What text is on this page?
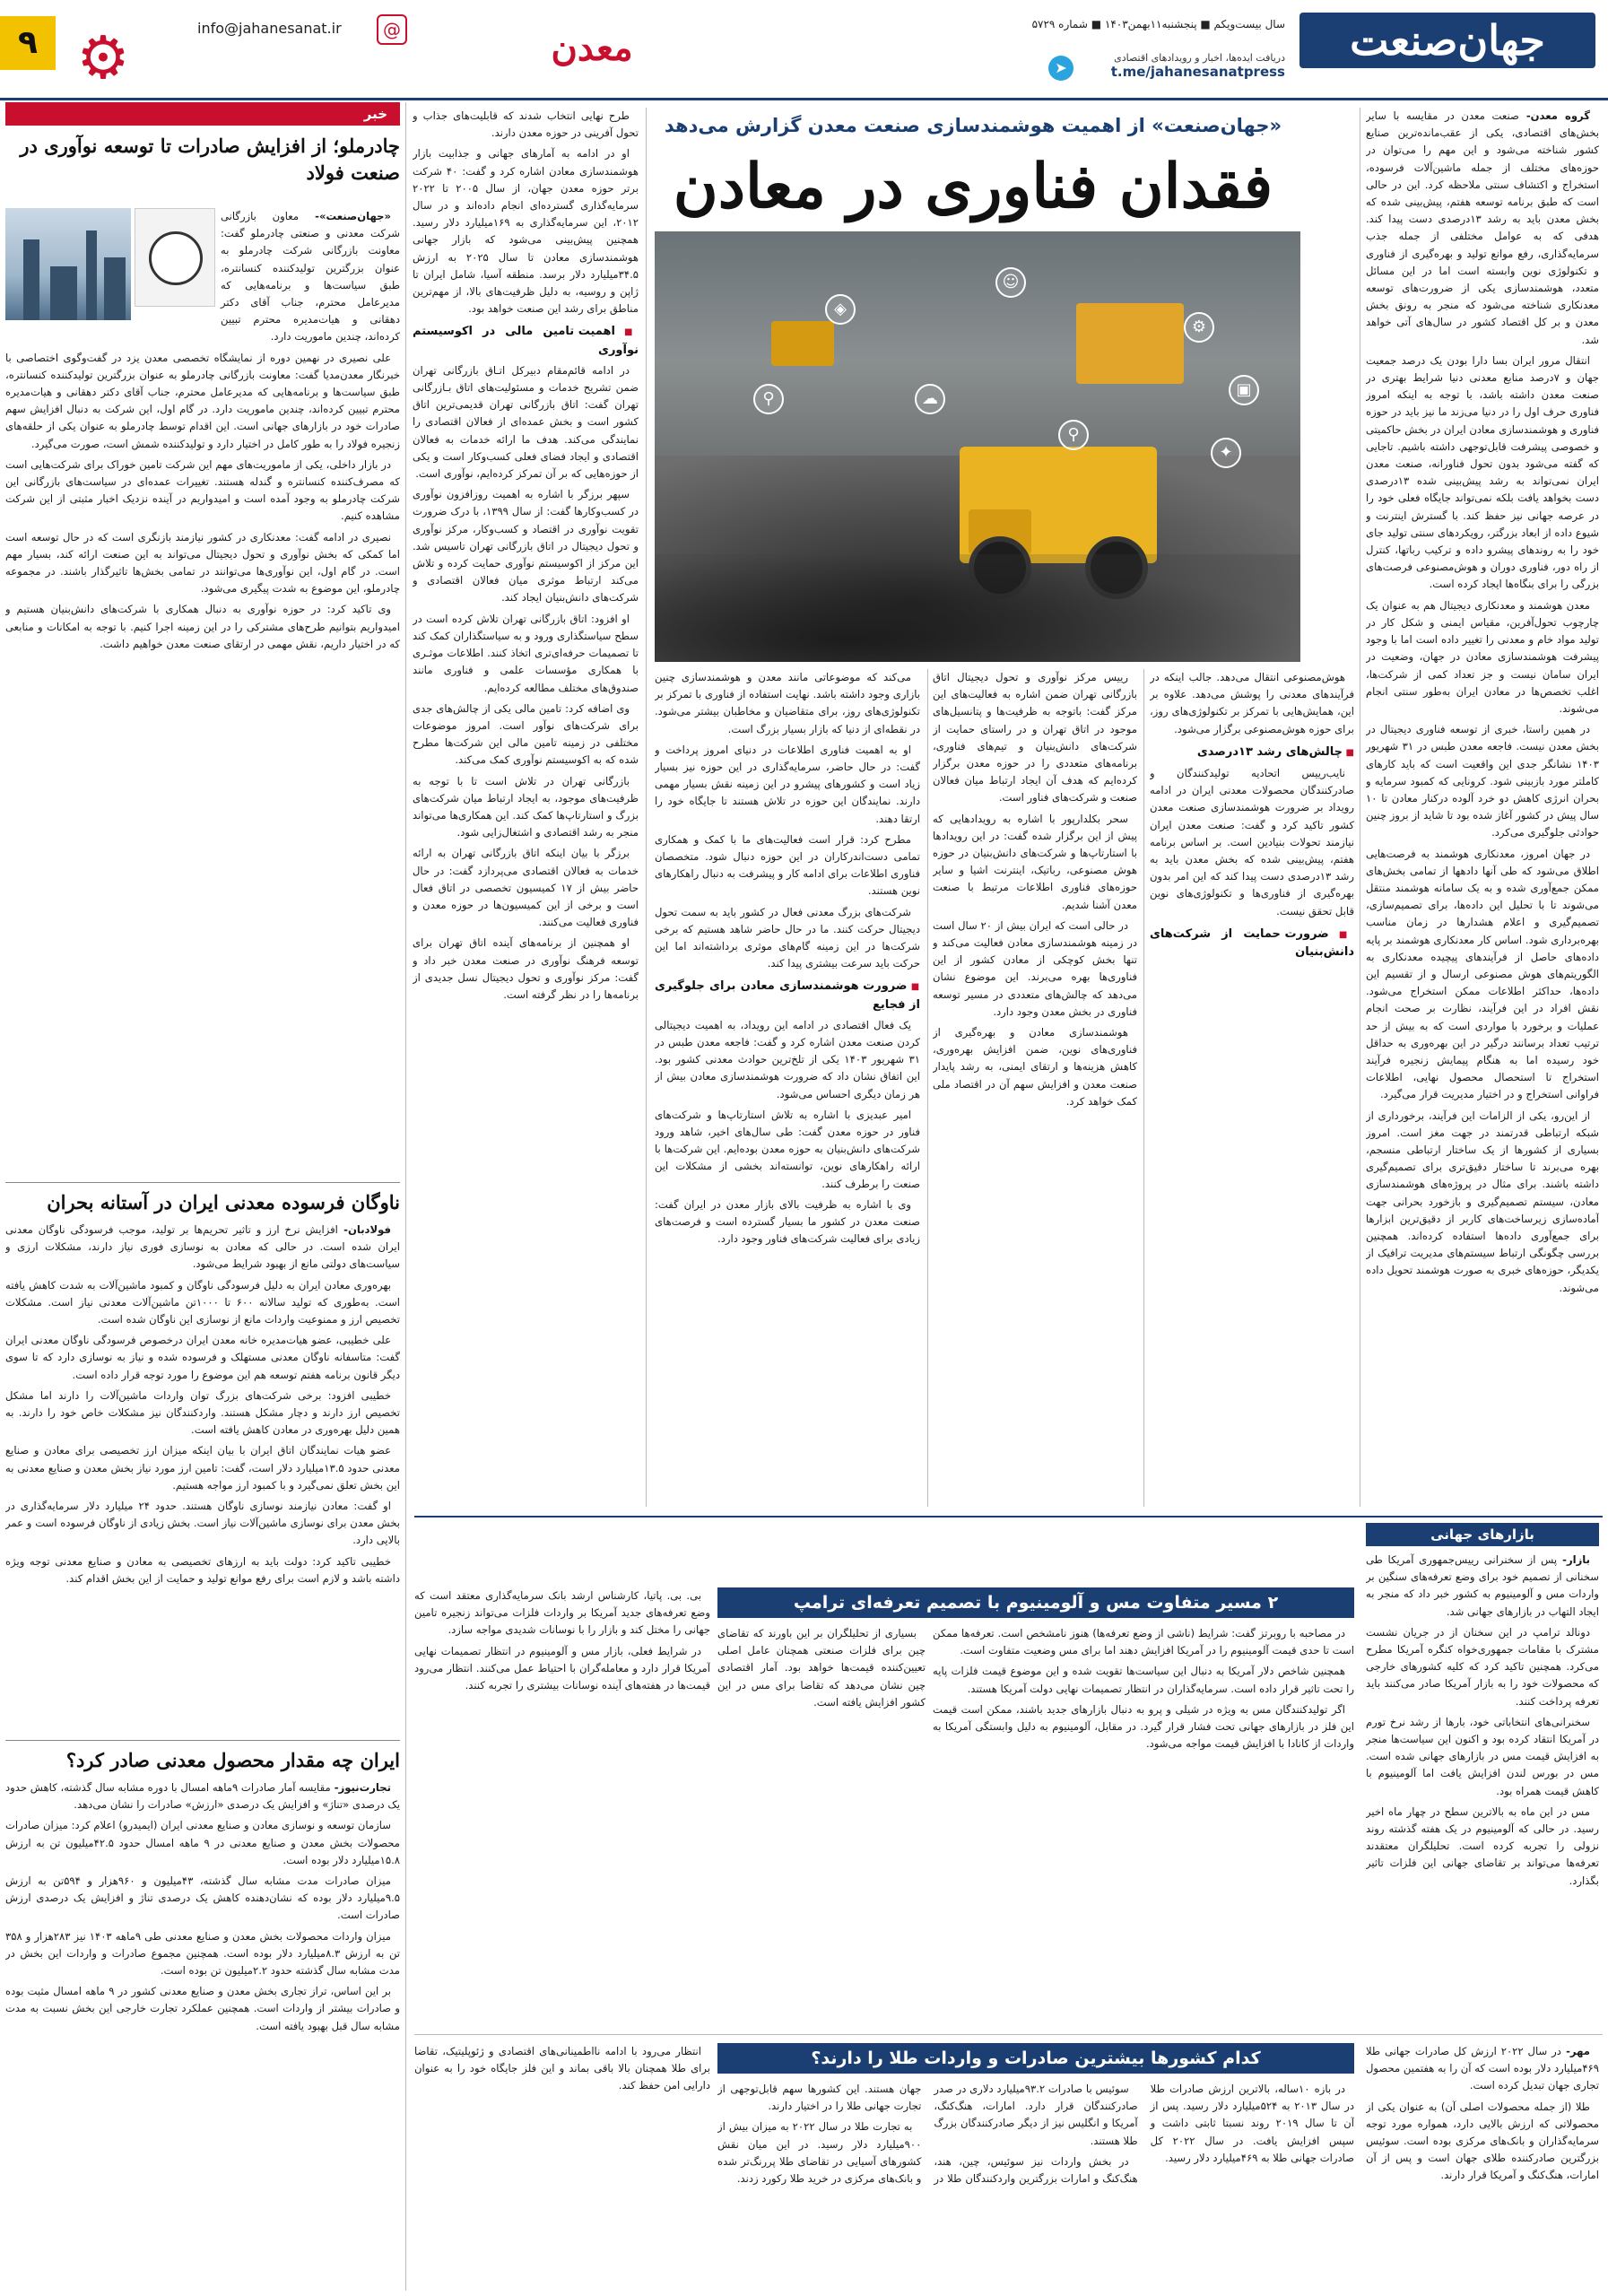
جهان‌صنعت
سال بیست‌ویکم ■ پنجشنبه۱۱بهمن۱۴۰۳ ■ شماره ۵۷۲۹
دریافت ایده‌ها، اخبار و رویدادهای اقتصادی
t.me/jahanesanatpress
➤
معدن
@
info@jahanesanat.ir
⚙
۹
«جهان‌صنعت» از اهمیت هوشمندسازی صنعت معدن گزارش می‌دهد
فقدان فناوری در معادن
⚙
▣
✦
☺
◈
☁
⚲
⚲

گروه معدن- صنعت معدن در مقایسه با سایر بخش‌های اقتصادی، یکی از عقب‌مانده‌ترین صنایع کشور شناخته می‌شود و این مهم را می‌توان در حوزه‌های مختلف از جمله ماشین‌آلات فرسوده، استخراج و اکتشاف سنتی ملاحظه کرد. این در حالی است که طبق برنامه توسعه هفتم، پیش‌بینی شده که بخش معدن باید به رشد ۱۳درصدی دست پیدا کند. هدفی که به عوامل مختلفی از جمله جذب سرمایه‌گذاری، رفع موانع تولید و بهره‌گیری از فناوری و تکنولوژی نوین وابسته است اما در این مسائل متعدد، هوشمندسازی یکی از ضرورت‌های توسعه معدنکاری شناخته می‌شود که منجر به رونق بخش معدن و بر کل اقتصاد کشور در سال‌های آتی خواهد شد.

انتقال مرور ایران بسا دارا بودن یک درصد جمعیت جهان و ۷درصد منابع معدنی دنیا شرایط بهتری در صنعت معدن داشته باشد، با توجه به اینکه امروز فناوری حرف اول را در دنیا می‌زند ما نیز باید در حوزه فناوری و هوشمندسازی معادن ایران در بخش حاکمیتی و خصوصی پیشرفت قابل‌توجهی داشته باشیم. تاجایی که گفته می‌شود بدون تحول فناورانه، صنعت معدن ایران نمی‌تواند به رشد پیش‌بینی شده ۱۳درصدی دست بخواهد یافت بلکه نمی‌تواند جایگاه فعلی خود را در عرصه جهانی نیز حفظ کند. با گسترش اینترنت و شیوع داده از ابعاد بزرگتر، رویکردهای سنتی تولید جای خود را به روندهای پیشرو داده و ترکیب رباتها، کنترل از راه دور، فناوری دوران و هوش‌مصنوعی فرصت‌های بزرگی را برای بنگاه‌ها ایجاد کرده است.

معدن هوشمند و معدنکاری دیجیتال هم به عنوان یک چارچوب تحول‌آفرین، مقیاس ایمنی و شکل کار در تولید مواد خام و معدنی را تغییر داده است اما با وجود پیشرفت هوشمندسازی معادن در جهان، وضعیت در ایران سامان نیست و جز تعداد کمی از شرکت‌ها، اغلب تخصص‌ها در معادن ایران به‌طور سنتی انجام می‌شوند.

در همین راستا، خبری از توسعه فناوری دیجیتال در بخش معدن نیست. فاجعه معدن طبس در ۳۱ شهریور ۱۴۰۳ نشانگر جدی این واقعیت است که باید کارهای کاملتر مورد بازبینی شود. کرونایی که کمبود سرمایه و بحران انرژی کاهش دو خرد آلوده درکنار معادن تا ۱۰ سال پیش در کشور آغاز شده بود تا شاید از بروز چنین حوادثی جلوگیری می‌کرد.

در جهان امروز، معدنکاری هوشمند به فرصت‌هایی اطلاق می‌شود که طی آنها دادهها از تمامی بخش‌های ممکن جمع‌آوری شده و به یک سامانه هوشمند منتقل می‌شوند تا با تحلیل این داده‌ها، برای تصمیم‌سازی، تصمیم‌گیری و اعلام هشدارها در زمان مناسب بهره‌برداری شود. اساس کار معدنکاری هوشمند بر پایه داده‌های حاصل از فرآیندهای پیچیده معدنکاری به الگوریتم‌های هوش مصنوعی ارسال و از تقسیم این داده‌ها، حداکثر اطلاعات ممکن استخراج می‌شود. نقش افراد در این فرآیند، نظارت بر صحت انجام عملیات و برخورد با مواردی است که به بیش از حد ترتیب تعداد برسانند درگیر در این بهره‌وری به حداقل خود رسیده اما به هنگام پیمایش زنجیره فرآیند استخراج تا استحصال محصول نهایی، اطلاعات فراوانی استخراج و در اختیار مدیریت قرار می‌گیرد.

از این‌رو، یکی از الزامات این فرآیند، برخورداری از شبکه ارتباطی قدرتمند در جهت مغز است. امروز بسیاری از کشورها از یک ساختار ارتباطی منسجم، بهره می‌برند تا ساختار دقیق‌تری برای تصمیم‌گیری داشته باشند. برای مثال در پروژه‌های هوشمندسازی معادن، سیستم تصمیم‌گیری و بازخورد بحرانی جهت آماده‌سازی زیرساخت‌های کاربر از دقیق‌ترین ابزارها برای جمع‌آوری داده‌ها استفاده کرده‌اند. همچنین بررسی چگونگی ارتباط سیستم‌های مدیریت ترافیک از یکدیگر، حوزه‌های خبری به صورت هوشمند تحویل داده می‌شوند.

هوش‌مصنوعی انتقال می‌دهد. جالب اینکه در فرآیندهای معدنی را پوشش می‌دهد. علاوه بر این، همایش‌هایی با تمرکز بر تکنولوژی‌های روز، برای حوزه هوش‌مصنوعی برگزار می‌شود.

■ چالش‌های رشد ۱۳درصدی

نایب‌رییس اتحادیه تولیدکنندگان و صادرکنندگان محصولات معدنی ایران در ادامه رویداد بر ضرورت هوشمندسازی صنعت معدن کشور تاکید کرد و گفت: صنعت معدن ایران نیازمند تحولات بنیادین است. بر اساس برنامه هفتم، پیش‌بینی شده که بخش معدن باید به رشد ۱۳درصدی دست پیدا کند که این امر بدون بهره‌گیری از فناوری‌ها و تکنولوژی‌های نوین قابل تحقق نیست.

■ ضرورت حمایت از شرکت‌های دانش‌بنیان

رییس مرکز نوآوری و تحول دیجیتال اتاق بازرگانی تهران ضمن اشاره به فعالیت‌های این مرکز گفت: باتوجه به ظرفیت‌ها و پتانسیل‌های موجود در اتاق تهران و در راستای حمایت از شرکت‌های دانش‌بنیان و تیم‌های فناوری، برنامه‌های متعددی را در حوزه معدن برگزار کرده‌ایم که هدف آن ایجاد ارتباط میان فعالان صنعت و شرکت‌های فناور است.

سحر بکلدارپور با اشاره به رویدادهایی که پیش از این برگزار شده گفت: در این رویدادها با استارتاپ‌ها و شرکت‌های دانش‌بنیان در حوزه هوش مصنوعی، رباتیک، اینترنت اشیا و سایر حوزه‌های فناوری اطلاعات مرتبط با صنعت معدن آشنا شدیم.

در حالی است که ایران بیش از ۲۰ سال است در زمینه هوشمندسازی معادن فعالیت می‌کند و تنها بخش کوچکی از معادن کشور از این فناوری‌ها بهره می‌برند. این موضوع نشان می‌دهد که چالش‌های متعددی در مسیر توسعه فناوری در بخش معدن وجود دارد.

هوشمندسازی معادن و بهره‌گیری از فناوری‌های نوین، ضمن افزایش بهره‌وری، کاهش هزینه‌ها و ارتقای ایمنی، به رشد پایدار صنعت معدن و افزایش سهم آن در اقتصاد ملی کمک خواهد کرد.

می‌کند که موضوعاتی مانند معدن و هوشمندسازی چنین بازاری وجود داشته باشد. نهایت استفاده از فناوری با تمرکز بر تکنولوژی‌های روز، برای متقاضیان و مخاطبان بیشتر می‌شود. در نقطه‌ای از دنیا که بازار بسیار بزرگ است.

او به اهمیت فناوری اطلاعات در دنیای امروز پرداخت و گفت: در حال حاضر، سرمایه‌گذاری در این حوزه نیز بسیار زیاد است و کشورهای پیشرو در این زمینه نقش بسیار مهمی دارند. نمایندگان این حوزه در تلاش هستند تا جایگاه خود را ارتقا دهند.

مطرح کرد: قرار است فعالیت‌های ما با کمک و همکاری تمامی دست‌اندرکاران در این حوزه دنبال شود. متخصصان فناوری اطلاعات برای ادامه کار و پیشرفت به دنبال راهکارهای نوین هستند.

شرکت‌های بزرگ معدنی فعال در کشور باید به سمت تحول دیجیتال حرکت کنند. ما در حال حاضر شاهد هستیم که برخی شرکت‌ها در این زمینه گام‌های موثری برداشته‌اند اما این حرکت باید سرعت بیشتری پیدا کند.

■ ضرورت هوشمندسازی معادن برای جلوگیری از فجایع

یک فعال اقتصادی در ادامه این رویداد، به اهمیت دیجیتالی کردن صنعت معدن اشاره کرد و گفت: فاجعه معدن طبس در ۳۱ شهریور ۱۴۰۳ یکی از تلخ‌ترین حوادث معدنی کشور بود. این اتفاق نشان داد که ضرورت هوشمندسازی معادن بیش از هر زمان دیگری احساس می‌شود.

امیر عبدیزی با اشاره به تلاش استارتاپ‌ها و شرکت‌های فناور در حوزه معدن گفت: طی سال‌های اخیر، شاهد ورود شرکت‌های دانش‌بنیان به حوزه معدن بوده‌ایم. این شرکت‌ها با ارائه راهکارهای نوین، توانسته‌اند بخشی از مشکلات این صنعت را برطرف کنند.

وی با اشاره به ظرفیت بالای بازار معدن در ایران گفت: صنعت معدن در کشور ما بسیار گسترده است و فرصت‌های زیادی برای فعالیت شرکت‌های فناور وجود دارد.

طرح نهایی انتخاب شدند که قابلیت‌های جذاب و تحول آفرینی در حوزه معدن دارند.

او در ادامه به آمارهای جهانی و جذابیت بازار هوشمندسازی معادن اشاره کرد و گفت: ۴۰ شرکت برتر حوزه معدن جهان، از سال ۲۰۰۵ تا ۲۰۲۲ سرمایه‌گذاری گسترده‌ای انجام داده‌اند و در سال ۲۰۱۲، این سرمایه‌گذاری به ۱۶۹میلیارد دلار رسید. همچنین پیش‌بینی می‌شود که بازار جهانی هوشمندسازی معادن تا سال ۲۰۲۵ به ارزش ۳۴.۵میلیارد دلار برسد. منطقه آسیا، شامل ایران تا ژاپن و روسیه، به دلیل ظرفیت‌های بالا، از مهم‌ترین مناطق برای رشد این صنعت خواهد بود.

■ اهمیت تامین مالی در اکوسیستم نوآوری

در ادامه قائم‌مقام دبیرکل اتـاق بازرگانی تهران ضمن تشریح خدمات و مسئولیت‌های اتاق بـازرگانی تهران گفت: اتاق بازرگانی تهران قدیمی‌ترین اتاق کشور است و بخش عمده‌ای از فعالان اقتصادی را نمایندگی می‌کند. هدف ما ارائه خدمات به فعالان اقتصادی و ایجاد فضای فعلی کسب‌وکار است و یکی از حوزه‌هایی که بر آن تمرکز کرده‌ایم، نوآوری است.

سپهر برزگر با اشاره به اهمیت روزافزون نوآوری در کسب‌وکارها گفت: از سال ۱۳۹۹، با درک ضرورت تقویت نوآوری در اقتصاد و کسب‌وکار، مرکز نوآوری و تحول دیجیتال در اتاق بازرگانی تهران تاسیس شد. این مرکز از اکوسیستم نوآوری حمایت کرده و تلاش می‌کند ارتباط موثری میان فعالان اقتصادی و شرکت‌های دانش‌بنیان ایجاد کند.

او افزود: اتاق بازرگانی تهران تلاش کرده است در سطح سیاستگذاری ورود و به سیاستگذاران کمک کند تا تصمیمات حرفه‌ای‌تری اتخاذ کنند. اطلاعات موثـری با همکاری مؤسسات علمی و فناوری مانند صندوق‌های مختلف مطالعه کرده‌ایم.

وی اضافه کرد: تامین مالی یکی از چالش‌های جدی برای شرکت‌های نوآور است. امروز موضوعات مختلفی در زمینه تامین مالی این شرکت‌ها مطرح شده که به اکوسیستم نوآوری کمک می‌کند.

بازرگانی تهران در تلاش است تا با توجه به ظرفیت‌های موجود، به ایجاد ارتباط میان شرکت‌های بزرگ و استارتاپ‌ها کمک کند. این همکاری‌ها می‌تواند منجر به رشد اقتصادی و اشتغال‌زایی شود.

برزگر با بیان اینکه اتاق بازرگانی تهران به ارائه خدمات به فعالان اقتصادی می‌پردازد گفت: در حال حاضر بیش از ۱۷ کمیسیون تخصصی در اتاق فعال است و برخی از این کمیسیون‌ها در حوزه معدن و فناوری فعالیت می‌کنند.

او همچنین از برنامه‌های آینده اتاق تهران برای توسعه فرهنگ نوآوری در صنعت معدن خبر داد و گفت: مرکز نوآوری و تحول دیجیتال نسل جدیدی از برنامه‌ها را در نظر گرفته است.

خبر
چادرملو؛ از افزایش صادرات تا توسعه نوآوری در صنعت فولاد

«جهان‌صنعت»- معاون بازرگانی شرکت معدنی و صنعتی چادرملو گفت: معاونت بازرگانی شرکت چادرملو به عنوان بزرگترین تولیدکننده کنسانتره، طبق سیاست‌ها و برنامه‌هایی که مدیرعامل محترم، جناب آقای دکتر دهقانی و هیات‌مدیره محترم تبیین کرده‌اند، چندین ماموریت دارد.

علی نصیری در نهمین دوره از نمایشگاه تخصصی معدن یزد در گفت‌وگوی اختصاصی با خبرنگار معدن‌مدیا گفت: معاونت بازرگانی چادرملو به عنوان بزرگترین تولیدکننده کنسانتره، طبق سیاست‌ها و برنامه‌هایی که مدیرعامل محترم، جناب آقای دکتر دهقانی و هیات‌مدیره محترم تبیین کرده‌اند، چندین ماموریت دارد. در گام اول، این شرکت به دنبال افزایش سهم صادرات خود در بازارهای جهانی است. این اقدام توسط چادرملو به عنوان یکی از حلقه‌های زنجیره فولاد را به طور کامل در اختیار دارد و تولیدکننده شمش است، صورت می‌گیرد.

در بازار داخلی، یکی از ماموریت‌های مهم این شرکت تامین خوراک برای شرکت‌هایی است که مصرف‌کننده کنسانتره و گندله هستند. تغییرات عمده‌ای در سیاست‌های بازرگانی این شرکت چادرملو به وجود آمده است و امیدواریم در آینده نزدیک اخبار مثبتی از این شرکت مشاهده کنیم.

نصیری در ادامه گفت: معدنکاری در کشور نیازمند بازنگری است که در حال توسعه است اما کمکی که بخش نوآوری و تحول دیجیتال می‌تواند به این صنعت ارائه کند، بسیار مهم است. در گام اول، این نوآوری‌ها می‌توانند در تمامی بخش‌ها تاثیرگذار باشند. در مجموعه چادرملو، این موضوع به شدت پیگیری می‌شود.

وی تاکید کرد: در حوزه نوآوری به دنبال همکاری با شرکت‌های دانش‌بنیان هستیم و امیدواریم بتوانیم طرح‌های مشترکی را در این زمینه اجرا کنیم. با توجه به امکانات و منابعی که در اختیار داریم، نقش مهمی در ارتقای صنعت معدن خواهیم داشت.

ناوگان فرسوده معدنی ایران در آستانه بحران

فولادبان- افزایش نرخ ارز و تاثیر تحریم‌ها بر تولید، موجب فرسودگی ناوگان معدنی ایران شده است. در حالی که معادن به نوسازی فوری نیاز دارند، مشکلات ارزی و سیاست‌های دولتی مانع از بهبود شرایط می‌شود.

بهره‌وری معادن ایران به دلیل فرسودگی ناوگان و کمبود ماشین‌آلات به شدت کاهش یافته است. به‌طوری که تولید سالانه ۶۰۰ تا ۱۰۰۰تن ماشین‌آلات معدنی نیاز است. مشکلات تخصیص ارز و ممنوعیت واردات مانع از نوسازی این ناوگان شده است.

علی خطیبی، عضو هیات‌مدیره خانه معدن ایران درخصوص فرسودگی ناوگان معدنی ایران گفت: متاسفانه ناوگان معدنی مستهلک و فرسوده شده و نیاز به نوسازی دارد که تا سوی دیگر قانون برنامه هفتم توسعه هم این موضوع را مورد توجه قرار داده است.

خطیبی افزود: برخی شرکت‌های بزرگ توان واردات ماشین‌آلات را دارند اما مشکل تخصیص ارز دارند و دچار مشکل هستند. واردکنندگان نیز مشکلات خاص خود را دارند. به همین دلیل بهره‌وری در معادن کاهش یافته است.

عضو هیات نمایندگان اتاق ایران با بیان اینکه میزان ارز تخصیصی برای معادن و صنایع معدنی حدود ۱۳.۵میلیارد دلار است، گفت: تامین ارز مورد نیاز بخش معدن و صنایع معدنی به این بخش تعلق نمی‌گیرد و با کمبود ارز مواجه هستیم.

او گفت: معادن نیازمند نوسازی ناوگان هستند. حدود ۲۴ میلیارد دلار سرمایه‌گذاری در بخش معدن برای نوسازی ماشین‌آلات نیاز است. بخش زیادی از ناوگان فرسوده است و عمر بالایی دارد.

خطیبی تاکید کرد: دولت باید به ارزهای تخصیصی به معادن و صنایع معدنی توجه ویژه داشته باشد و لازم است برای رفع موانع تولید و حمایت از این بخش اقدام کند.

ایران چه مقدار محصول معدنی صادر کرد؟

تجارت‌نیوز- مقایسه آمار صادرات ۹ماهه امسال با دوره مشابه سال گذشته، کاهش حدود یک درصدی «تناژ» و افزایش یک درصدی «ارزش» صادرات را نشان می‌دهد.

سازمان توسعه و نوسازی معادن و صنایع معدنی ایران (ایمیدرو) اعلام کرد: میزان صادرات محصولات بخش معدن و صنایع معدنی در ۹ ماهه امسال حدود ۴۲.۵میلیون تن به ارزش ۱۵.۸میلیارد دلار بوده است.

میزان صادرات مدت مشابه سال گذشته، ۴۳میلیون و ۹۶۰هزار و ۵۹۴تن به ارزش ۹.۵میلیارد دلار بوده که نشان‌دهنده کاهش یک درصدی تناژ و افزایش یک درصدی ارزش صادرات است.

میزان واردات محصولات بخش معدن و صنایع معدنی طی ۹ماهه ۱۴۰۳ نیز ۲۸۳هزار و ۳۵۸ تن به ارزش ۸.۳میلیارد دلار بوده است. همچنین مجموع صادرات و واردات این بخش در مدت مشابه سال گذشته حدود ۲.۲میلیون تن بوده است.

بر این اساس، تراز تجاری بخش معدن و صنایع معدنی کشور در ۹ ماهه امسال مثبت بوده و صادرات بیشتر از واردات است. همچنین عملکرد تجارت خارجی این بخش نسبت به مدت مشابه سال قبل بهبود یافته است.

بازارهای جهانی
۲ مسیر متفاوت مس و آلومینیوم با تصمیم تعرفه‌ای ترامپ

بازار- پس از سخنرانی رییس‌جمهوری آمریکا طی سخنانی از تصمیم خود برای وضع تعرفه‌های سنگین بر واردات مس و آلومینیوم به کشور خبر داد که منجر به ایجاد التهاب در بازارهای جهانی شد.

دونالد ترامپ در این سخنان از در جریان نشست مشترک با مقامات جمهوری‌خواه کنگره آمریکا مطرح می‌کرد. همچنین تاکید کرد که کلیه کشورهای خارجی که محصولات خود را به بازار آمریکا صادر می‌کنند باید تعرفه پرداخت کنند.

سخنرانی‌های انتخاباتی خود، بارها از رشد نرخ تورم در آمریکا انتقاد کرده بود و اکنون این سیاست‌ها منجر به افزایش قیمت مس در بازارهای جهانی شده است. مس در بورس لندن افزایش یافت اما آلومینیوم با کاهش قیمت همراه بود.

مس در این ماه به بالاترین سطح در چهار ماه اخیر رسید. در حالی که آلومینیوم در یک هفته گذشته روند نزولی را تجربه کرده است. تحلیلگران معتقدند تعرفه‌ها می‌تواند بر تقاضای جهانی این فلزات تاثیر بگذارد.

در مصاحبه با روبرتز گفت: شرایط (ناشی از وضع تعرفه‌ها) هنوز نامشخص است. تعرفه‌ها ممکن است تا حدی قیمت آلومینیوم را در آمریکا افزایش دهند اما برای مس وضعیت متفاوت است.

همچنین شاخص دلار آمریکا به دنبال این سیاست‌ها تقویت شده و این موضوع قیمت فلزات پایه را تحت تاثیر قرار داده است. سرمایه‌گذاران در انتظار تصمیمات نهایی دولت آمریکا هستند.

اگر تولیدکنندگان مس به ویژه در شیلی و پرو به دنبال بازارهای جدید باشند، ممکن است قیمت این فلز در بازارهای جهانی تحت فشار قرار گیرد. در مقابل، آلومینیوم به دلیل وابستگی آمریکا به واردات از کانادا با افزایش قیمت مواجه می‌شود.

بی. بی. پاتیا، کارشناس ارشد بانک سرمایه‌گذاری معتقد است که وضع تعرفه‌های جدید آمریکا بر واردات فلزات می‌تواند زنجیره تامین جهانی را مختل کند و بازار را با نوسانات شدیدی مواجه سازد.

در شرایط فعلی، بازار مس و آلومینیوم در انتظار تصمیمات نهایی آمریکا قرار دارد و معامله‌گران با احتیاط عمل می‌کنند. انتظار می‌رود قیمت‌ها در هفته‌های آینده نوسانات بیشتری را تجربه کنند.

بسیاری از تحلیلگران بر این باورند که تقاضای چین برای فلزات صنعتی همچنان عامل اصلی تعیین‌کننده قیمت‌ها خواهد بود. آمار اقتصادی چین نشان می‌دهد که تقاضا برای مس در این کشور افزایش یافته است.

کدام کشورها بیشترین صادرات و واردات طلا را دارند؟	مهر- در سال ۲۰۲۲ ارزش کل صادرات جهانی طلا ۴۶۹میلیارد دلار بوده است که آن را به هفتمین محصول تجاری جهان تبدیل کرده است.

طلا (از جمله محصولات اصلی آن) به عنوان یکی از محصولاتی که ارزش بالایی دارد، همواره مورد توجه سرمایه‌گذاران و بانک‌های مرکزی بوده است. سوئیس بزرگترین صادرکننده طلای جهان است و پس از آن امارات، هنگ‌کنگ و آمریکا قرار دارند.

در بازه ۱۰ساله، بالاترین ارزش صادرات طلا در سال ۲۰۱۳ به ۵۲۴میلیارد دلار رسید. پس از آن تا سال ۲۰۱۹ روند نسبتا ثابتی داشت و سپس افزایش یافت. در سال ۲۰۲۲ کل صادرات جهانی طلا به ۴۶۹میلیارد دلار رسید.

سوئیس با صادرات ۹۳.۲میلیارد دلاری در صدر صادرکنندگان قرار دارد. امارات، هنگ‌کنگ، آمریکا و انگلیس نیز از دیگر صادرکنندگان بزرگ طلا هستند.

در بخش واردات نیز سوئیس، چین، هند، هنگ‌کنگ و امارات بزرگترین واردکنندگان طلا در جهان هستند. این کشورها سهم قابل‌توجهی از تجارت جهانی طلا را در اختیار دارند.

به تجارت طلا در سال ۲۰۲۲ به میزان بیش از ۹۰۰میلیارد دلار رسید. در این میان نقش کشورهای آسیایی در تقاضای طلا پررنگ‌تر شده و بانک‌های مرکزی در خرید طلا رکورد زدند.

انتظار می‌رود با ادامه نااطمینانی‌های اقتصادی و ژئوپلیتیک، تقاضا برای طلا همچنان بالا باقی بماند و این فلز جایگاه خود را به عنوان دارایی امن حفظ کند.
